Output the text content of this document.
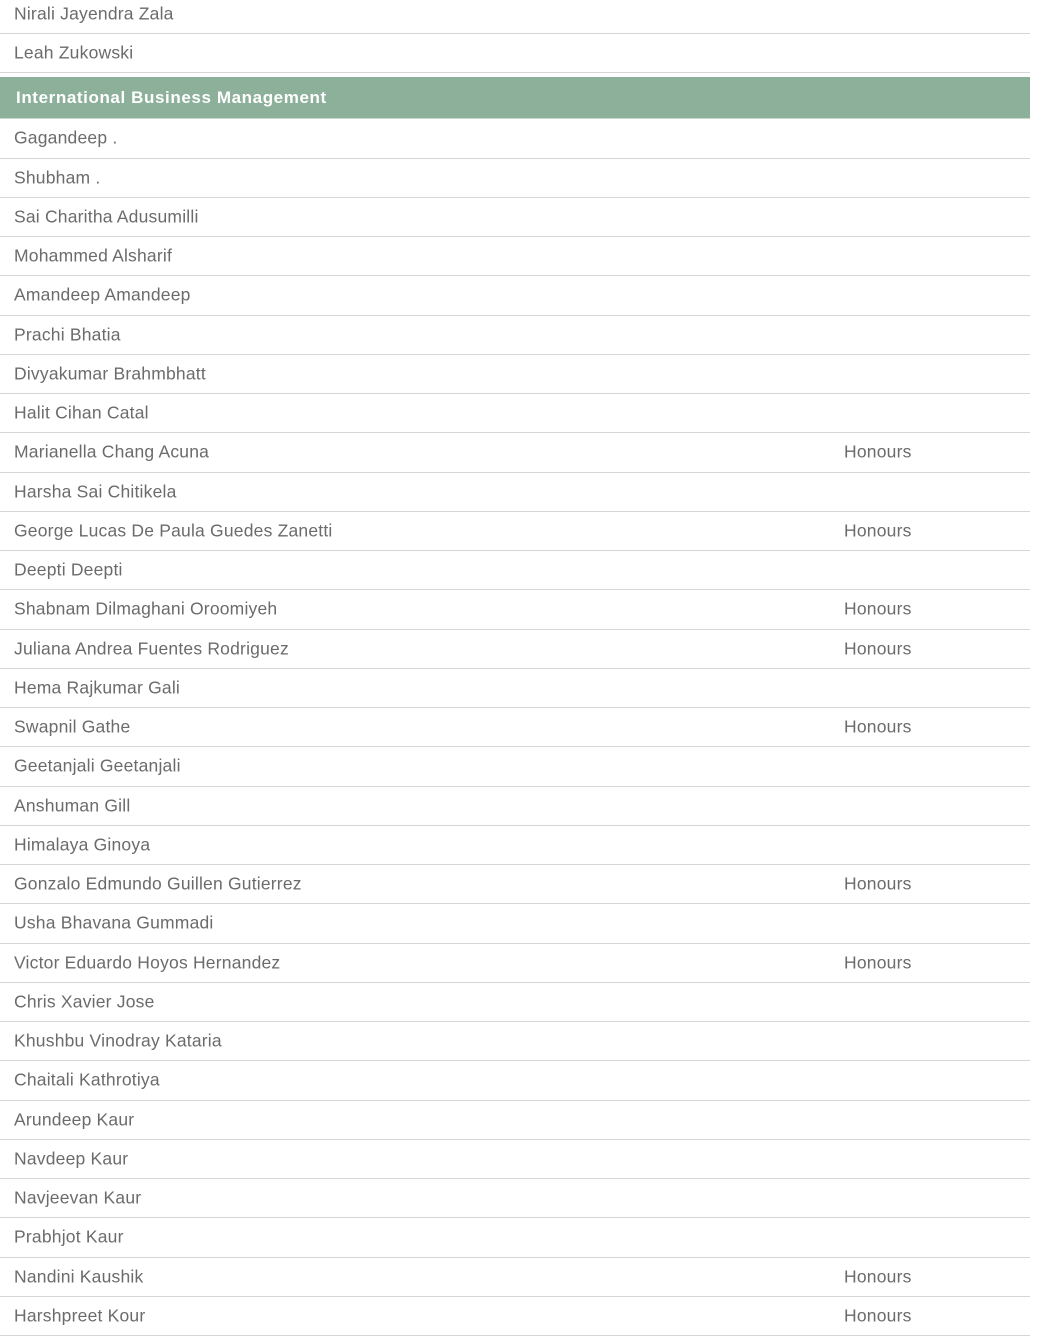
Nirali Jayendra Zala
Leah Zukowski
International Business Management
Gagandeep .
Shubham .
Sai Charitha Adusumilli
Mohammed Alsharif
Amandeep Amandeep
Prachi Bhatia
Divyakumar Brahmbhatt
Halit Cihan Catal
Marianella Chang Acuna	Honours
Harsha Sai Chitikela
George Lucas De Paula Guedes Zanetti	Honours
Deepti Deepti
Shabnam Dilmaghani Oroomiyeh	Honours
Juliana Andrea Fuentes Rodriguez	Honours
Hema Rajkumar Gali
Swapnil Gathe	Honours
Geetanjali Geetanjali
Anshuman Gill
Himalaya Ginoya
Gonzalo Edmundo Guillen Gutierrez	Honours
Usha Bhavana Gummadi
Victor Eduardo Hoyos Hernandez	Honours
Chris Xavier Jose
Khushbu Vinodray Kataria
Chaitali Kathrotiya
Arundeep Kaur
Navdeep Kaur
Navjeevan Kaur
Prabhjot Kaur
Nandini Kaushik	Honours
Harshpreet Kour	Honours
